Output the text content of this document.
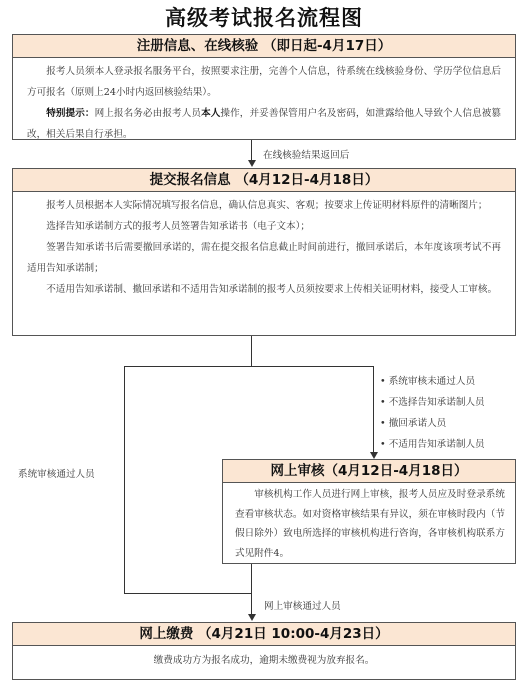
高级考试报名流程图
注册信息、在线核验 （即日起-4月17日）

报考人员须本人登录报名服务平台，按照要求注册，完善个人信息，待系统在线核验身份、学历学位信息后方可报名（原则上24小时内返回核验结果）。

特别提示：网上报名务必由报考人员本人操作，并妥善保管用户名及密码，如泄露给他人导致个人信息被篡改，相关后果自行承担。

在线核验结果返回后
提交报名信息 （4月12日-4月18日）

报考人员根据本人实际情况填写报名信息，确认信息真实、客观；按要求上传证明材料原件的清晰图片；

选择告知承诺制方式的报考人员签署告知承诺书（电子文本）；

签署告知承诺书后需要撤回承诺的，需在提交报名信息截止时间前进行，撤回承诺后，本年度该项考试不再适用告知承诺制；

不适用告知承诺制、撤回承诺和不适用告知承诺制的报考人员须按要求上传相关证明材料，接受人工审核。

系统审核通过人员
• 系统审核未通过人员
• 不选择告知承诺制人员
• 撤回承诺人员
• 不适用告知承诺制人员
网上审核（4月12日-4月18日）

审核机构工作人员进行网上审核，报考人员应及时登录系统查看审核状态。如对资格审核结果有异议，须在审核时段内（节假日除外）致电所选择的审核机构进行咨询，各审核机构联系方式见附件4。

网上审核通过人员
网上缴费 （4月21日 10:00-4月23日）
缴费成功方为报名成功，逾期未缴费视为放弃报名。
